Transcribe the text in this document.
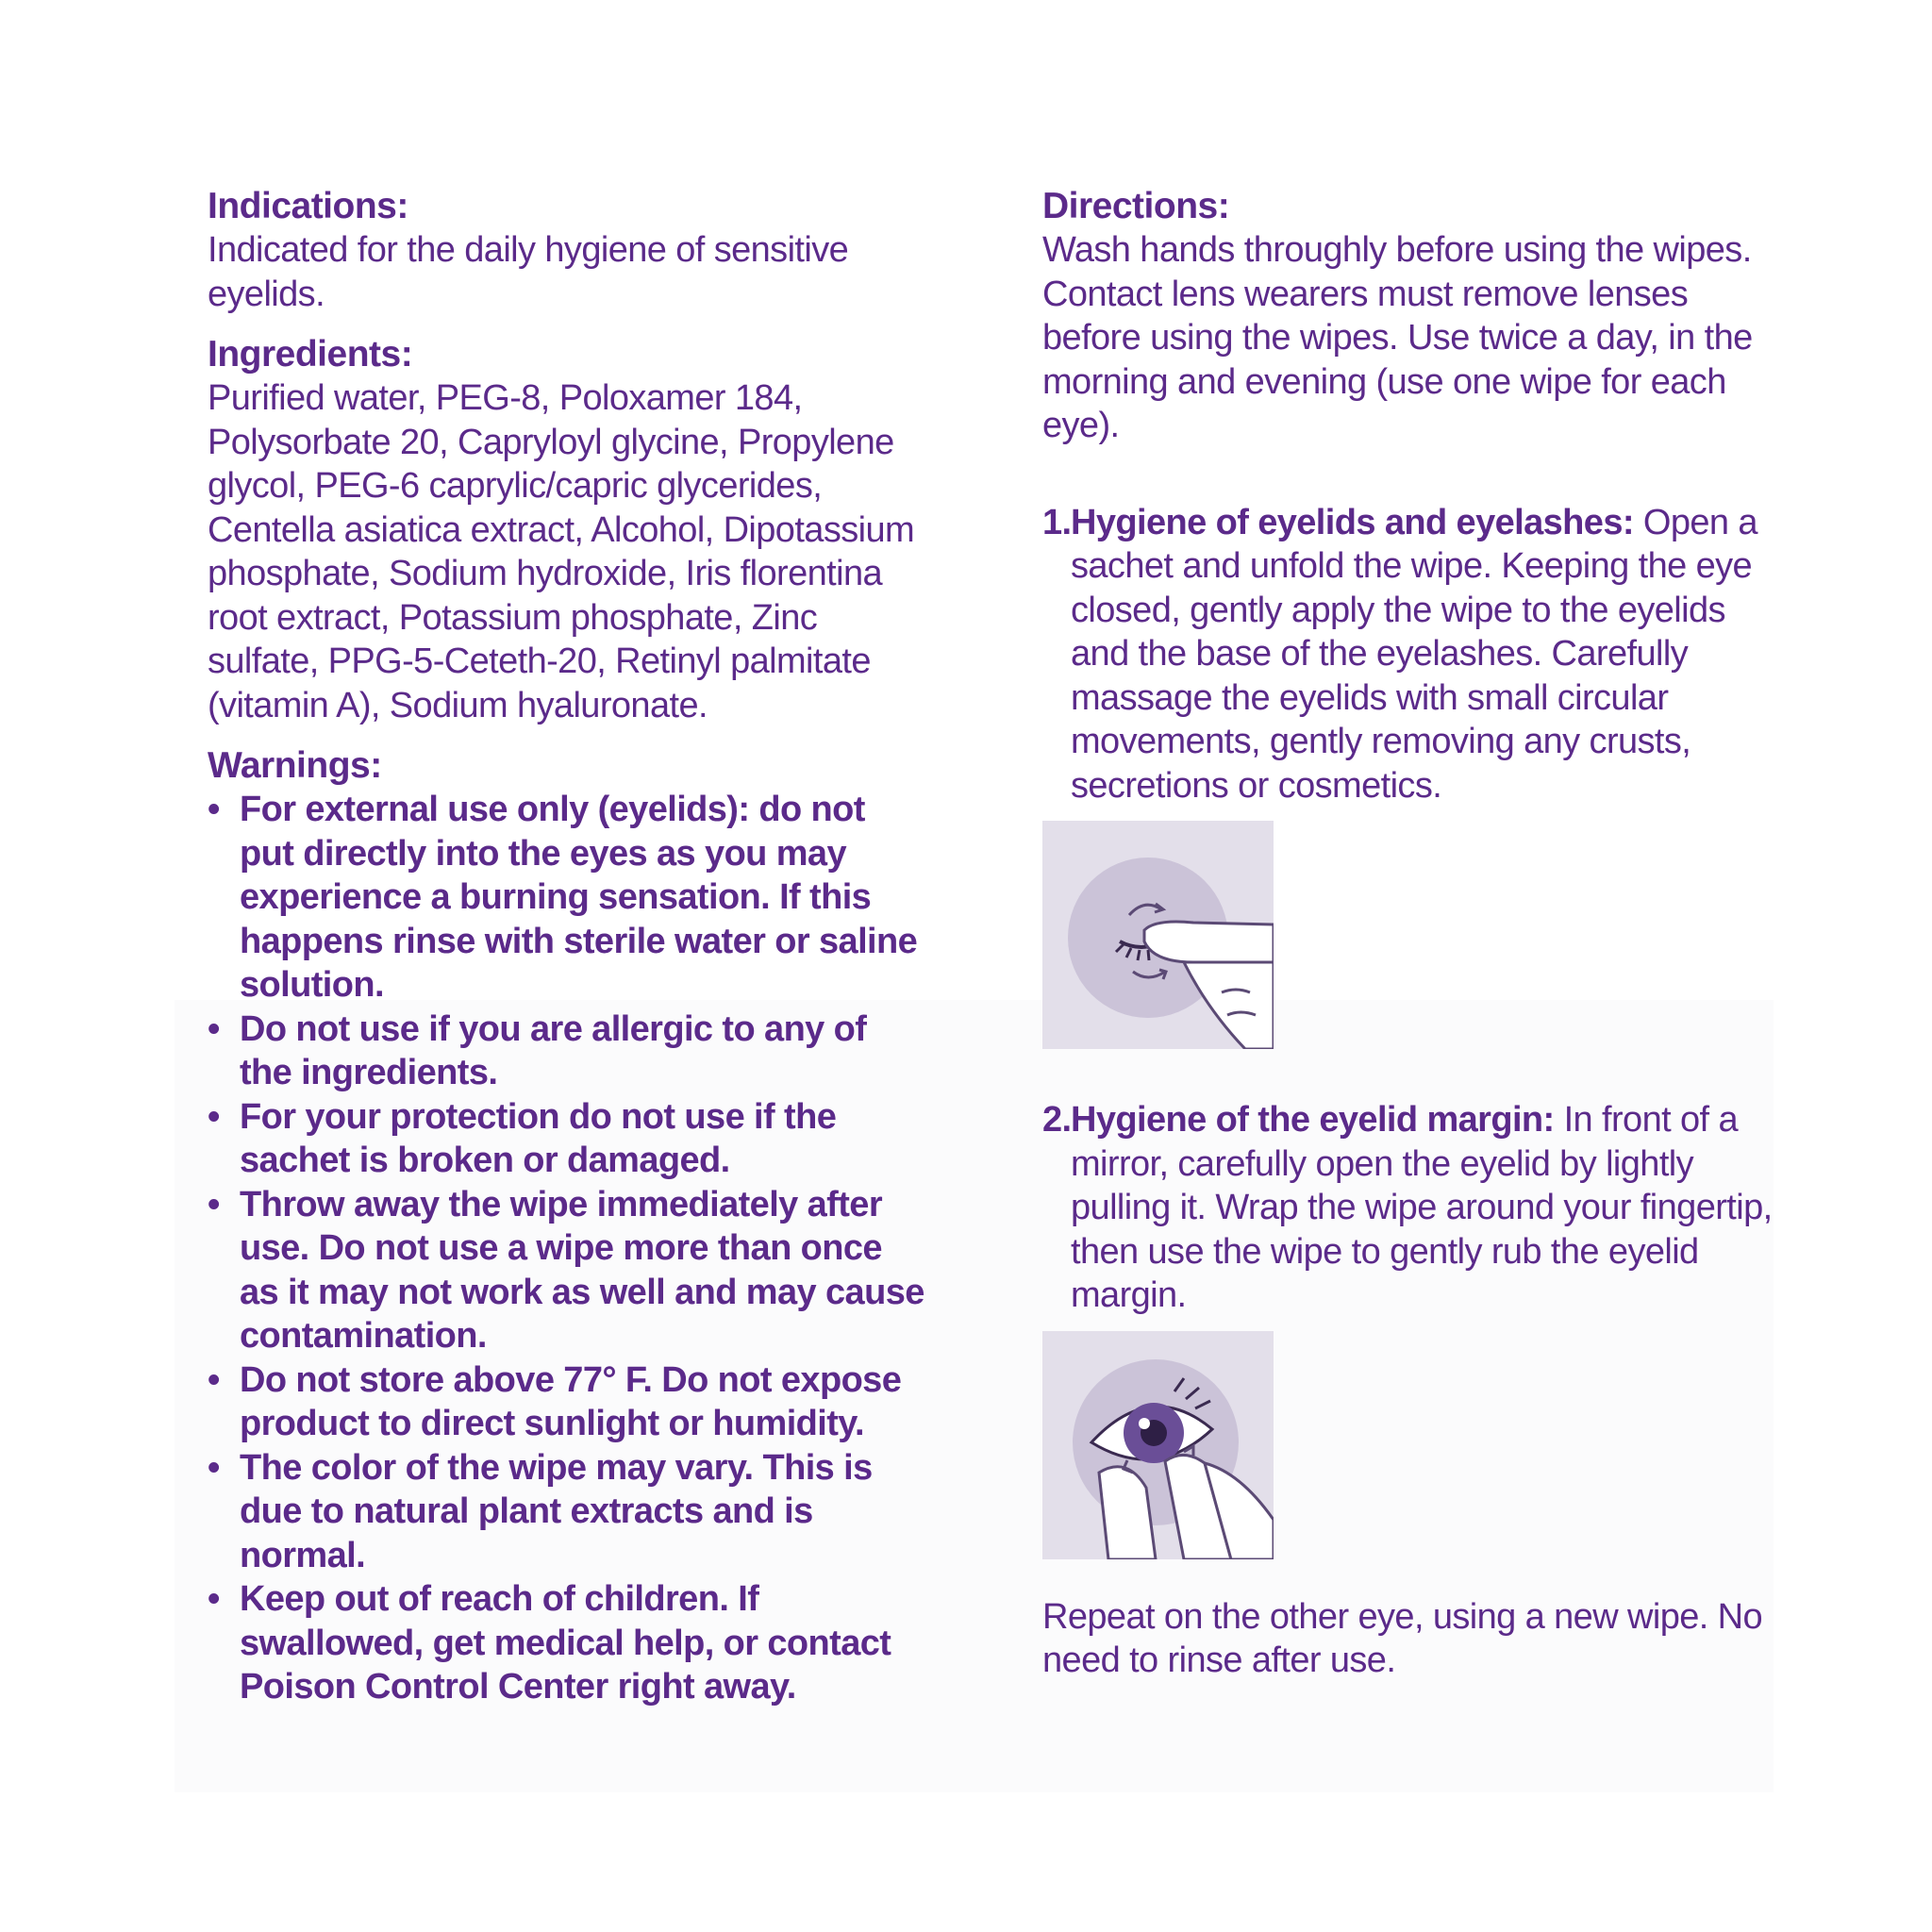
Indications:

Indicated for the daily hygiene of sensitive eyelids.

Ingredients:

Purified water, PEG-8, Poloxamer 184, Polysorbate 20, Capryloyl glycine, Propylene glycol, PEG-6 caprylic/capric glycerides, Centella asiatica extract, Alcohol, Dipotassium phosphate, Sodium hydroxide, Iris florentina root extract, Potassium phosphate, Zinc sulfate, PPG-5-Ceteth-20, Retinyl palmitate (vitamin A), Sodium hyaluronate.

Warnings:
• For external use only (eyelids): do not put directly into the eyes as you may experience a burning sensation. If this happens rinse with sterile water or saline solution.
• Do not use if you are allergic to any of the ingredients.
• For your protection do not use if the sachet is broken or damaged.
• Throw away the wipe immediately after use. Do not use a wipe more than once as it may not work as well and may cause contamination.
• Do not store above 77° F. Do not expose product to direct sunlight or humidity.
• The color of the wipe may vary. This is due to natural plant extracts and is normal.
• Keep out of reach of children. If swallowed, get medical help, or contact Poison Control Center right away.
Directions:

Wash hands throughly before using the wipes. Contact lens wearers must remove lenses before using the wipes. Use twice a day, in the morning and evening (use one wipe for each eye).

1. Hygiene of eyelids and eyelashes: Open a sachet and unfold the wipe. Keeping the eye closed, gently apply the wipe to the eyelids and the base of the eyelashes. Carefully massage the eyelids with small circular movements, gently removing any crusts, secretions or cosmetics.
2. Hygiene of the eyelid margin: In front of a mirror, carefully open the eyelid by lightly pulling it. Wrap the wipe around your fingertip, then use the wipe to gently rub the eyelid margin.

Repeat on the other eye, using a new wipe. No need to rinse after use.
